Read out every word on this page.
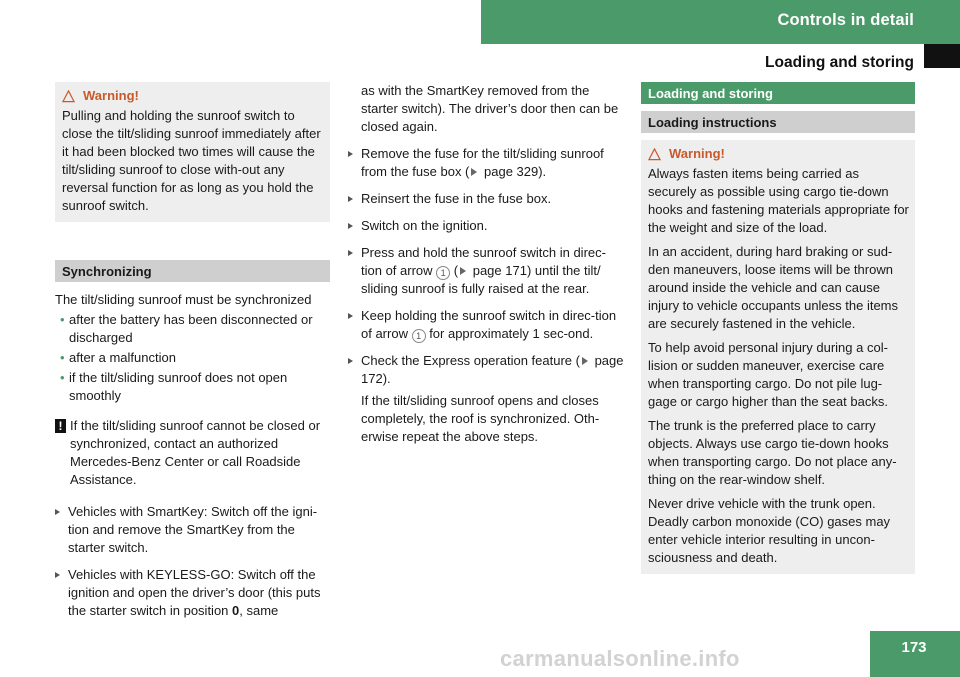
Controls in detail
Loading and storing
Warning!

Pulling and holding the sunroof switch to close the tilt/sliding sunroof immediately after it had been blocked two times will cause the tilt/sliding sunroof to close with-out any reversal function for as long as you hold the sunroof switch.

Synchronizing
The tilt/sliding sunroof must be synchronized
• after the battery has been disconnected or discharged
• after a malfunction
• if the tilt/sliding sunroof does not open smoothly
! If the tilt/sliding sunroof cannot be closed or synchronized, contact an authorized Mercedes-Benz Center or call Roadside Assistance.
Vehicles with SmartKey: Switch off the igni-tion and remove the SmartKey from the starter switch.
Vehicles with KEYLESS-GO: Switch off the ignition and open the driver’s door (this puts the starter switch in position 0, same
as with the SmartKey removed from the starter switch). The driver’s door then can be closed again.
Remove the fuse for the tilt/sliding sunroof from the fuse box ( page 329).
Reinsert the fuse in the fuse box.
Switch on the ignition.
Press and hold the sunroof switch in direc-tion of arrow 1 ( page 171) until the tilt/ sliding sunroof is fully raised at the rear.
Keep holding the sunroof switch in direc-tion of arrow 1 for approximately 1 sec-ond.
Check the Express operation feature ( page 172).
If the tilt/sliding sunroof opens and closes completely, the roof is synchronized. Oth-erwise repeat the above steps.
Loading and storing
Loading instructions
Warning!

Always fasten items being carried as securely as possible using cargo tie-down hooks and fastening materials appropriate for the weight and size of the load.

In an accident, during hard braking or sud-den maneuvers, loose items will be thrown around inside the vehicle and can cause injury to vehicle occupants unless the items are securely fastened in the vehicle.

To help avoid personal injury during a col-lision or sudden maneuver, exercise care when transporting cargo. Do not pile lug-gage or cargo higher than the seat backs.

The trunk is the preferred place to carry objects. Always use cargo tie-down hooks when transporting cargo. Do not place any-thing on the rear-window shelf.

Never drive vehicle with the trunk open. Deadly carbon monoxide (CO) gases may enter vehicle interior resulting in uncon-sciousness and death.

carmanualsonline.info	173
